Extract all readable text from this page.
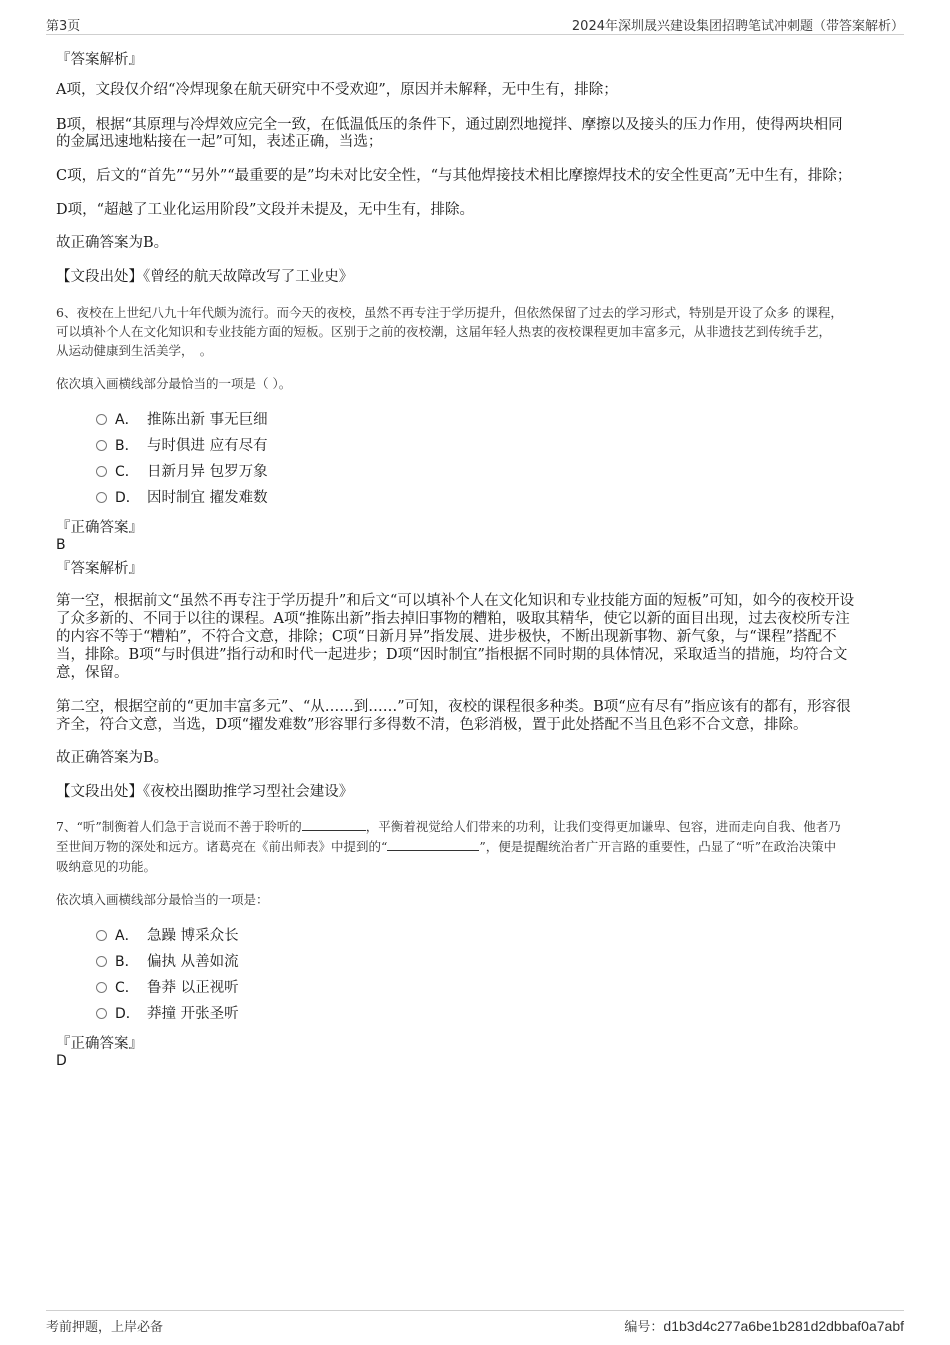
第3页	2024年深圳晟兴建设集团招聘笔试冲刺题（带答案解析）
『答案解析』
A项，文段仅介绍“冷焊现象在航天研究中不受欢迎”，原因并未解释，无中生有，排除；
B项，根据“其原理与冷焊效应完全一致，在低温低压的条件下，通过剧烈地搅拌、摩擦以及接头的压力作用，使得两块相同
的金属迅速地粘接在一起”可知，表述正确，当选；
C项，后文的“首先”“另外”“最重要的是”均未对比安全性，“与其他焊接技术相比摩擦焊技术的安全性更高”无中生有，排除；
D项，“超越了工业化运用阶段”文段并未提及，无中生有，排除。
故正确答案为B。
【文段出处】《曾经的航天故障改写了工业史》
6、夜校在上世纪八九十年代颇为流行。而今天的夜校，虽然不再专注于学历提升，但依然保留了过去的学习形式，特别是开设了众多 的课程，
可以填补个人在文化知识和专业技能方面的短板。区别于之前的夜校潮，这届年轻人热衷的夜校课程更加丰富多元，从非遗技艺到传统手艺，
从运动健康到生活美学，　。
依次填入画横线部分最恰当的一项是（ ）。
A． 推陈出新 事无巨细
B． 与时俱进 应有尽有
C． 日新月异 包罗万象
D． 因时制宜 擢发难数
『正确答案』
B
『答案解析』
第一空，根据前文“虽然不再专注于学历提升”和后文“可以填补个人在文化知识和专业技能方面的短板”可知，如今的夜校开设
了众多新的、不同于以往的课程。A项“推陈出新”指去掉旧事物的糟粕，吸取其精华，使它以新的面目出现，过去夜校所专注
的内容不等于“糟粕”，不符合文意，排除；C项“日新月异”指发展、进步极快，不断出现新事物、新气象，与“课程”搭配不
当，排除。B项“与时俱进”指行动和时代一起进步；D项“因时制宜”指根据不同时期的具体情况，采取适当的措施，均符合文
意，保留。
第二空，根据空前的“更加丰富多元”、“从……到……”可知，夜校的课程很多种类。B项“应有尽有”指应该有的都有，形容很
齐全，符合文意，当选，D项“擢发难数”形容罪行多得数不清，色彩消极，置于此处搭配不当且色彩不合文意，排除。
故正确答案为B。
【文段出处】《夜校出圈助推学习型社会建设》
7、“听”制衡着人们急于言说而不善于聆听的	，平衡着视觉给人们带来的功利，让我们变得更加谦卑、包容，进而走向自我、他者乃
至世间万物的深处和远方。诸葛亮在《前出师表》中提到的“	”，便是提醒统治者广开言路的重要性，凸显了“听”在政治决策中
吸纳意见的功能。
依次填入画横线部分最恰当的一项是：
A． 急躁 博采众长
B． 偏执 从善如流
C． 鲁莽 以正视听
D． 莽撞 开张圣听
『正确答案』
D
考前押题，上岸必备	编号：d1b3d4c277a6be1b281d2dbbaf0a7abf
